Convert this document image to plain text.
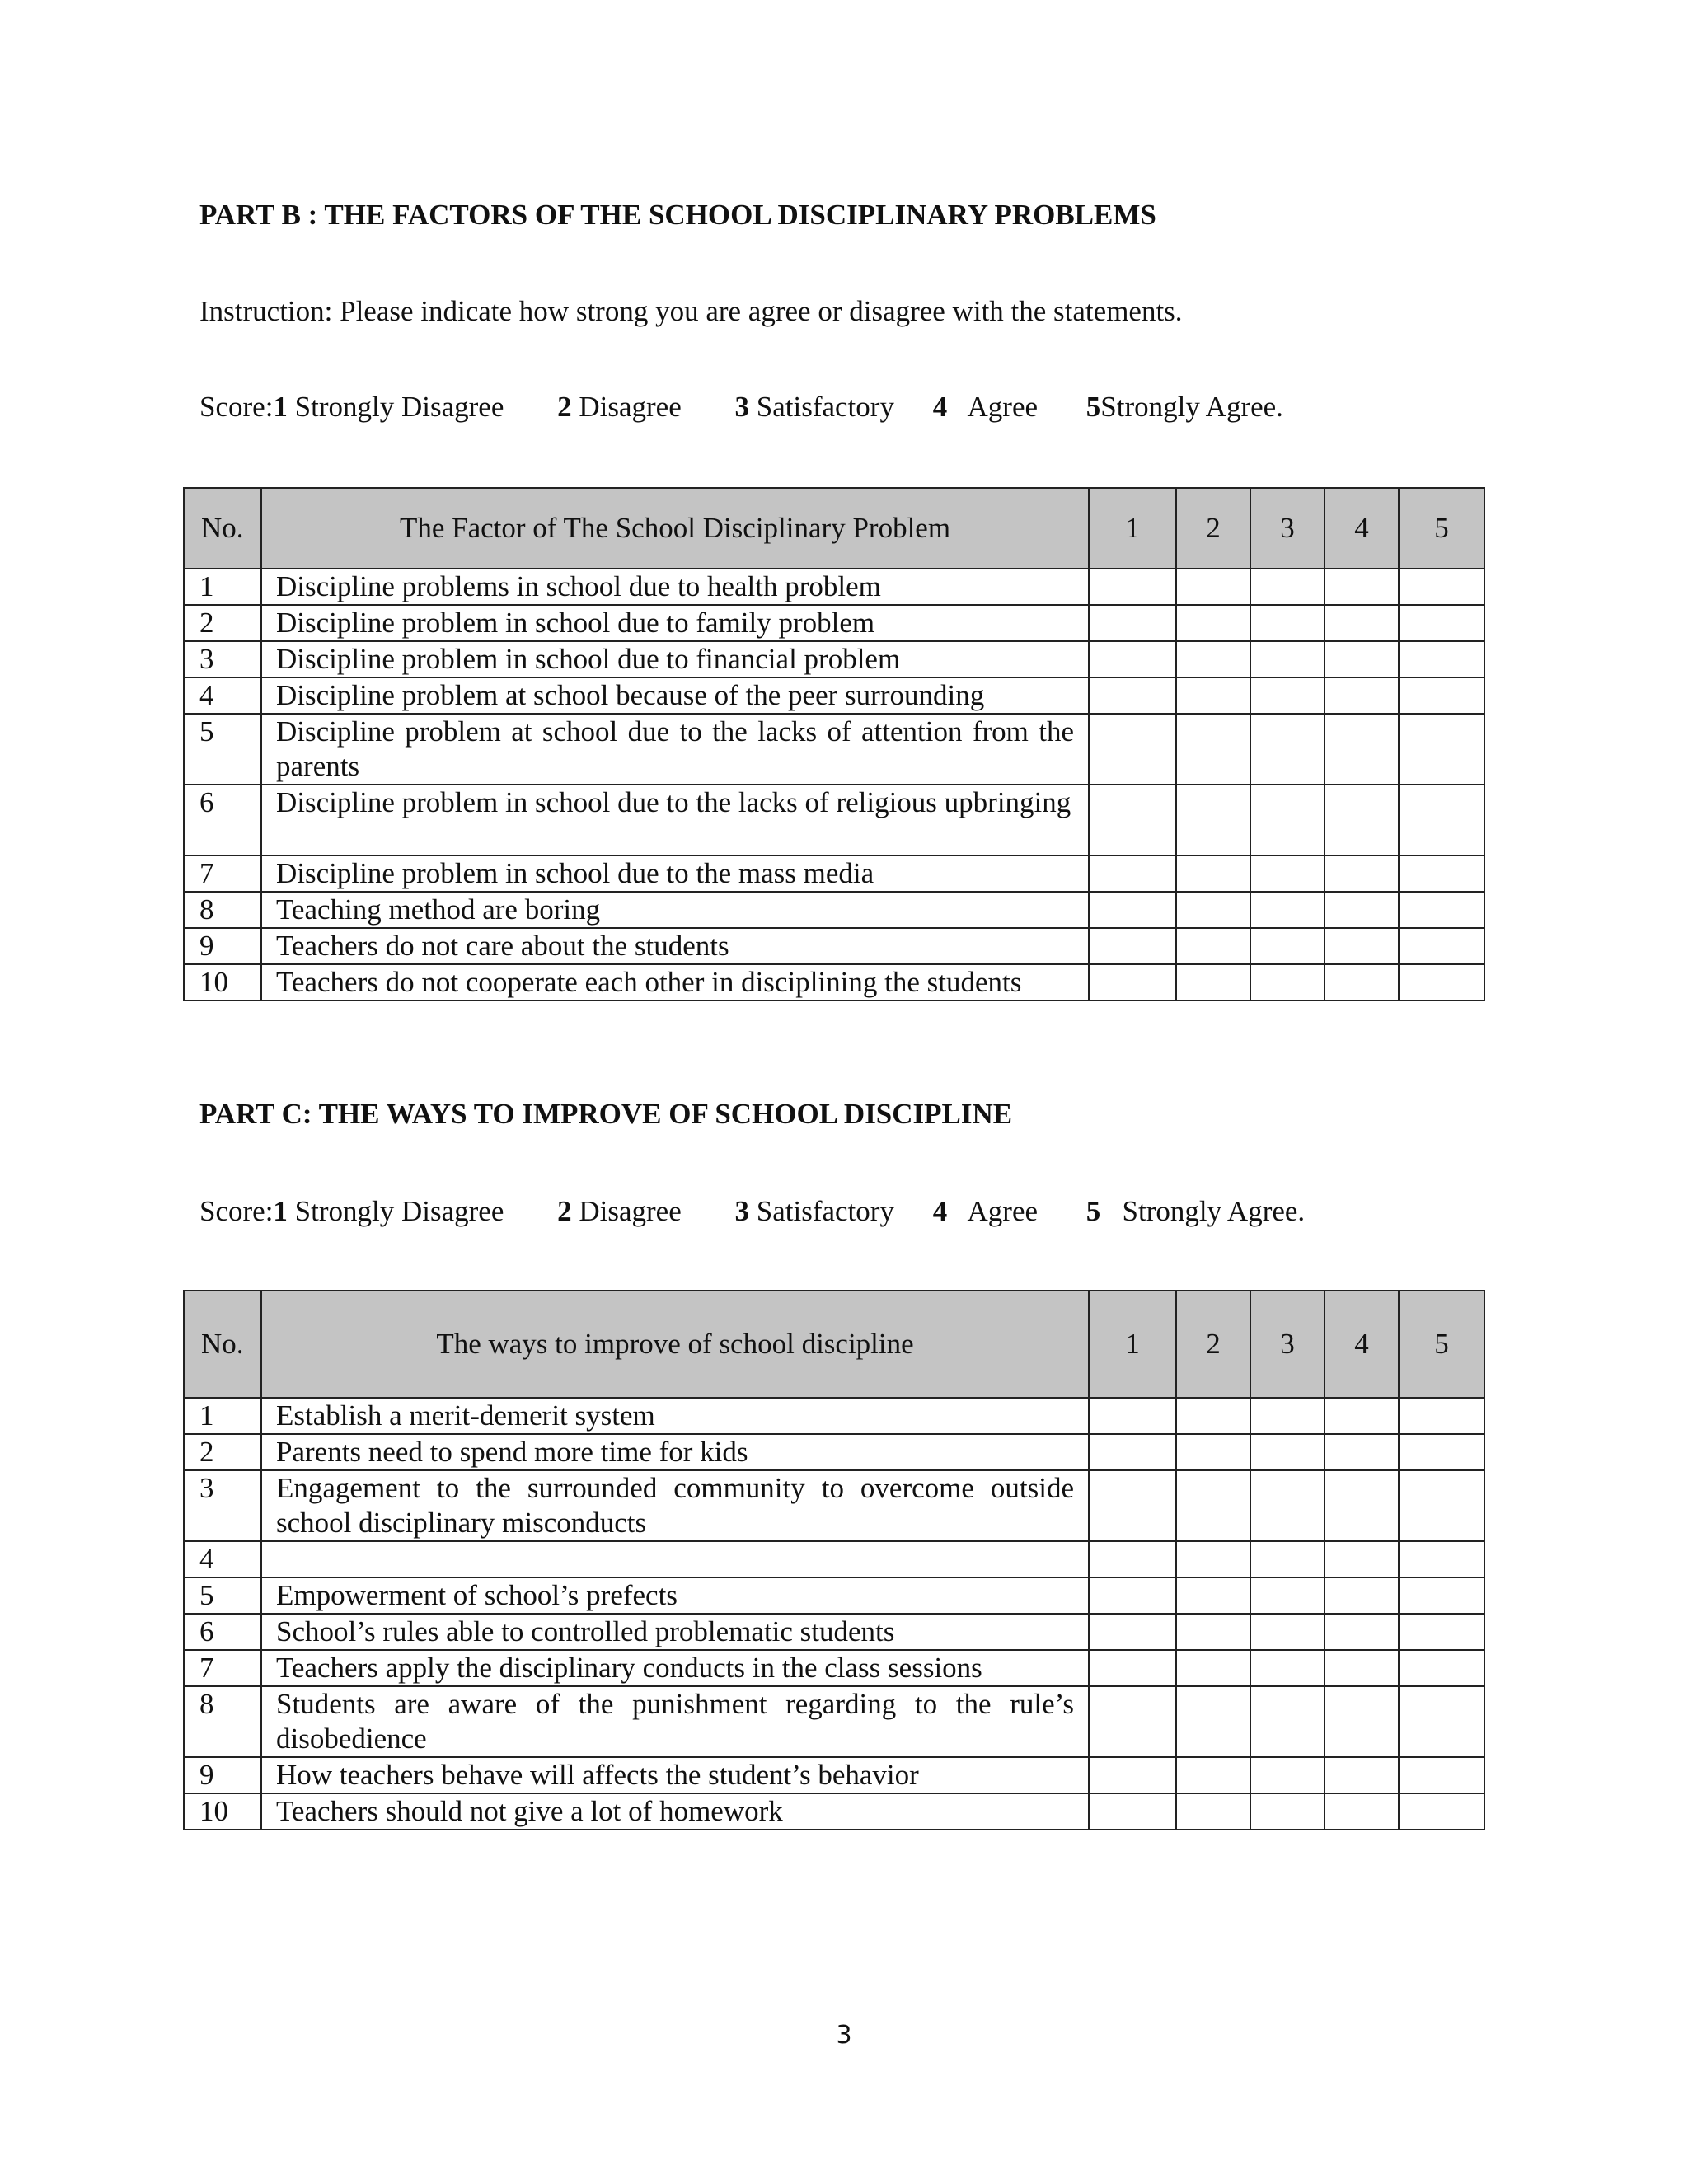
PART B : THE FACTORS OF THE SCHOOL DISCIPLINARY PROBLEMS

Instruction: Please indicate how strong you are agree or disagree with the statements.

Score:1 Strongly Disagree 2 Disagree 3 Satisfactory 4   Agree 5Strongly Agree.

No.	The Factor of The School Disciplinary Problem	1	2	3	4	5
1	Discipline problems in school due to health problem					
2	Discipline problem in school due to family problem					
3	Discipline problem in school due to financial problem					
4	Discipline problem at school because of the peer surrounding					
5	Discipline problem at school due to the lacks of attention from the parents					
6	Discipline problem in school due to the lacks of religious upbringing					
7	Discipline problem in school due to the mass media					
8	Teaching method are boring					
9	Teachers do not care about the students					
10	Teachers do not cooperate each other in disciplining the students					
PART C: THE WAYS TO IMPROVE OF SCHOOL DISCIPLINE

Score:1 Strongly Disagree 2 Disagree 3 Satisfactory 4   Agree 5   Strongly Agree.

No.	The ways to improve of school discipline	1	2	3	4	5
1	Establish a merit-demerit system					
2	Parents need to spend more time for kids					
3	Engagement to the surrounded community to overcome outside school disciplinary misconducts					
4						
5	Empowerment of school’s prefects					
6	School’s rules able to controlled problematic students					
7	Teachers apply the disciplinary conducts in the class sessions					
8	Students are aware of the punishment regarding to the rule’s disobedience					
9	How teachers behave will affects the student’s behavior					
10	Teachers should not give a lot of homework					
3
